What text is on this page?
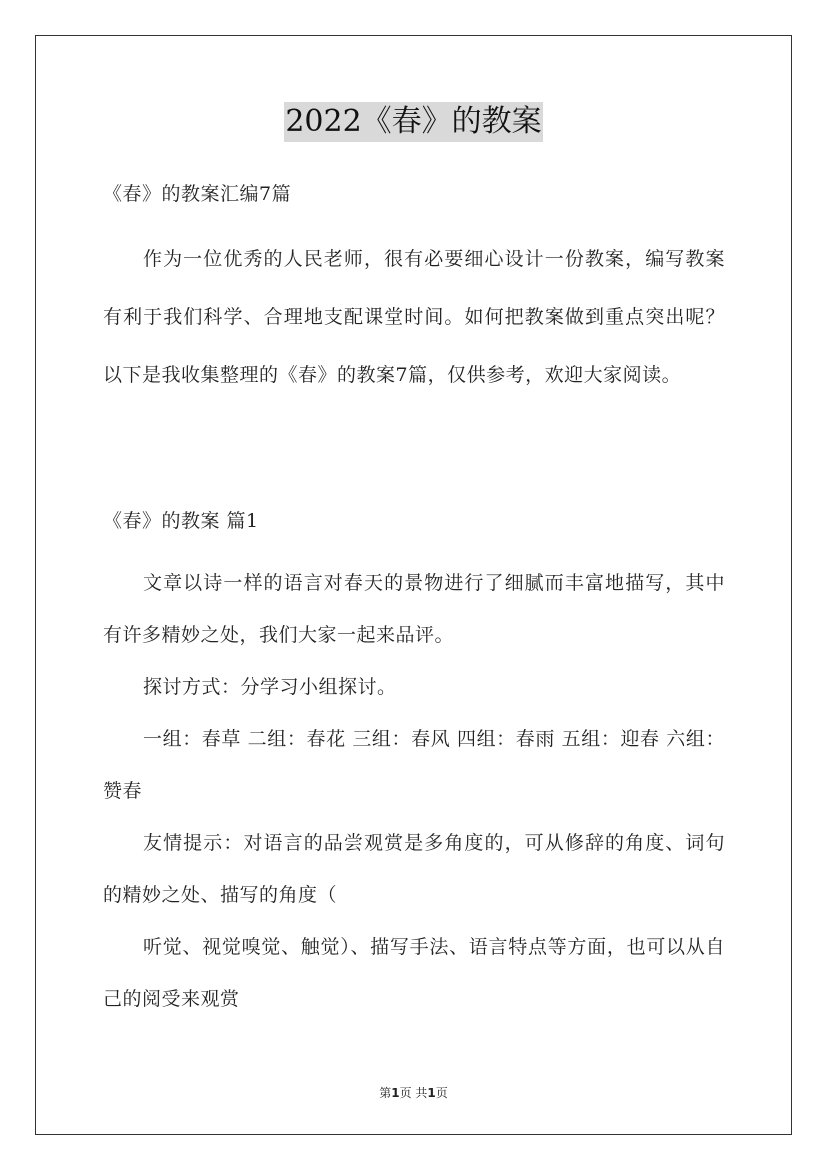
2022《春》的教案
《春》的教案汇编7篇
作为一位优秀的人民老师，很有必要细心设计一份教案，编写教案有利于我们科学、合理地支配课堂时间。如何把教案做到重点突出呢？以下是我收集整理的《春》的教案7篇，仅供参考，欢迎大家阅读。
《春》的教案 篇1
文章以诗一样的语言对春天的景物进行了细腻而丰富地描写，其中有许多精妙之处，我们大家一起来品评。
探讨方式：分学习小组探讨。
一组：春草 二组：春花 三组：春风 四组：春雨 五组：迎春 六组：赞春
友情提示：对语言的品尝观赏是多角度的，可从修辞的角度、词句的精妙之处、描写的角度（
听觉、视觉嗅觉、触觉）、描写手法、语言特点等方面，也可以从自己的阅受来观赏
第1页 共1页
